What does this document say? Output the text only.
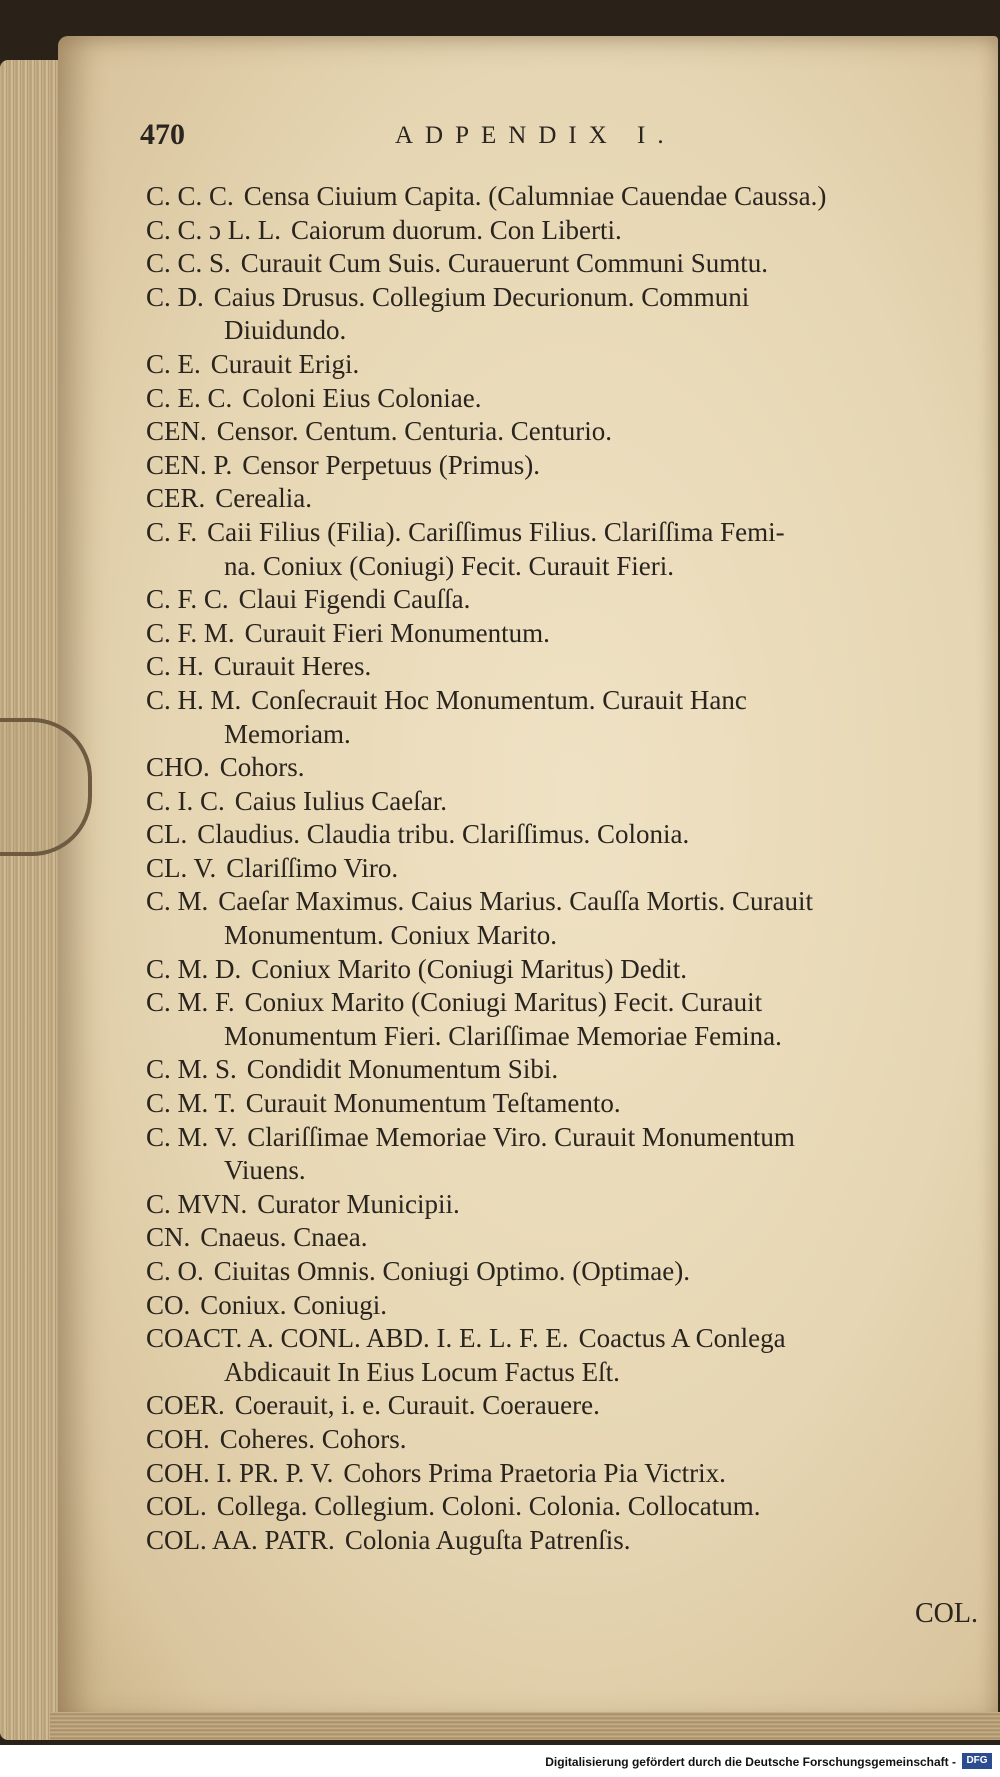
470	ADPENDIX I.
C. C. C. Censa Ciuium Capita. (Calumniae Cauendae Caussa.)
C. C. ɔ L. L. Caiorum duorum. Con Liberti.
C. C. S. Curauit Cum Suis. Curauerunt Communi Sumtu.
C. D. Caius Drusus. Collegium Decurionum. Communi
Diuidundo.
C. E. Curauit Erigi.
C. E. C. Coloni Eius Coloniae.
CEN. Censor. Centum. Centuria. Centurio.
CEN. P. Censor Perpetuus (Primus).
CER. Cerealia.
C. F. Caii Filius (Filia). Cariſſimus Filius. Clariſſima Femi-
na. Coniux (Coniugi) Fecit. Curauit Fieri.
C. F. C. Claui Figendi Cauſſa.
C. F. M. Curauit Fieri Monumentum.
C. H. Curauit Heres.
C. H. M. Conſecrauit Hoc Monumentum. Curauit Hanc
Memoriam.
CHO. Cohors.
C. I. C. Caius Iulius Caeſar.
CL. Claudius. Claudia tribu. Clariſſimus. Colonia.
CL. V. Clariſſimo Viro.
C. M. Caeſar Maximus. Caius Marius. Cauſſa Mortis. Curauit
Monumentum. Coniux Marito.
C. M. D. Coniux Marito (Coniugi Maritus) Dedit.
C. M. F. Coniux Marito (Coniugi Maritus) Fecit. Curauit
Monumentum Fieri. Clariſſimae Memoriae Femina.
C. M. S. Condidit Monumentum Sibi.
C. M. T. Curauit Monumentum Teſtamento.
C. M. V. Clariſſimae Memoriae Viro. Curauit Monumentum
Viuens.
C. MVN. Curator Municipii.
CN. Cnaeus. Cnaea.
C. O. Ciuitas Omnis. Coniugi Optimo. (Optimae).
CO. Coniux. Coniugi.
COACT. A. CONL. ABD. I. E. L. F. E. Coactus A Conlega
Abdicauit In Eius Locum Factus Eſt.
COER. Coerauit, i. e. Curauit. Coerauere.
COH. Coheres. Cohors.
COH. I. PR. P. V. Cohors Prima Praetoria Pia Victrix.
COL. Collega. Collegium. Coloni. Colonia. Collocatum.
COL. AA. PATR. Colonia Auguſta Patrenſis.
COL.
Digitalisierung gefördert durch die Deutsche Forschungsgemeinschaft -	DFG
